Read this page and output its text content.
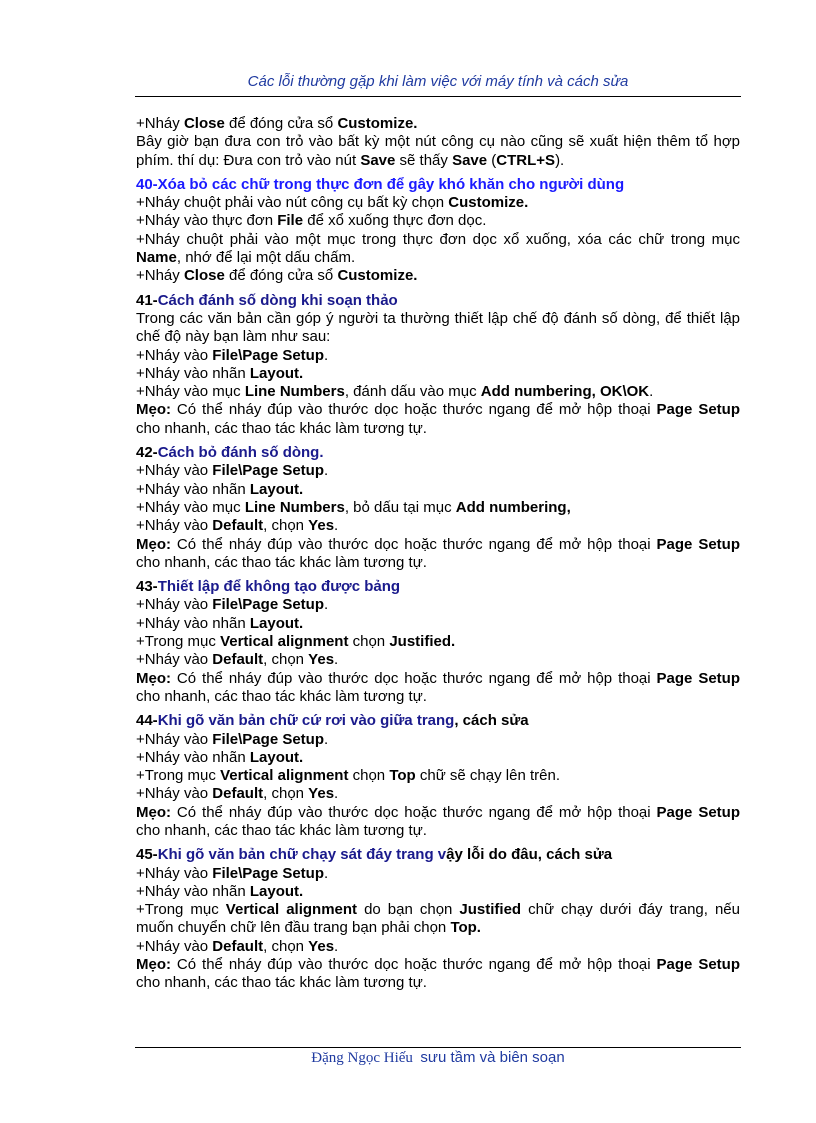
Các lỗi thường gặp khi làm việc với máy tính và cách sửa

+Nháy Close để đóng cửa sổ Customize.

Bây giờ bạn đưa con trỏ vào bất kỳ một nút công cụ nào cũng sẽ xuất hiện thêm tổ hợp phím. thí dụ: Đưa con trỏ vào nút Save sẽ thấy Save (CTRL+S).

40-Xóa bỏ các chữ trong thực đơn để gây khó khăn cho người dùng

+Nháy chuột phải vào nút công cụ bất kỳ chọn Customize.

+Nháy vào thực đơn File để xổ xuống thực đơn dọc.

+Nháy chuột phải vào một mục trong thực đơn dọc xổ xuống, xóa các chữ trong mục Name, nhớ để lại một dấu chấm.

+Nháy Close để đóng cửa sổ Customize.

41-Cách đánh số dòng khi soạn thảo

Trong các văn bản cần góp ý người ta thường thiết lập chế độ đánh số dòng, để thiết lập chế độ này bạn làm như sau:

+Nháy vào File\Page Setup.

+Nháy vào nhãn Layout.

+Nháy vào mục Line Numbers, đánh dấu vào mục Add numbering, OK\OK.

Mẹo: Có thể nháy đúp vào thước dọc hoặc thước ngang để mở hộp thoại Page Setup cho nhanh, các thao tác khác làm tương tự.

42-Cách bỏ đánh số dòng.

+Nháy vào File\Page Setup.

+Nháy vào nhãn Layout.

+Nháy vào mục Line Numbers, bỏ dấu tại mục Add numbering,

+Nháy vào Default, chọn Yes.

Mẹo: Có thể nháy đúp vào thước dọc hoặc thước ngang để mở hộp thoại Page Setup cho nhanh, các thao tác khác làm tương tự.

43-Thiết lập để không tạo được bảng

+Nháy vào File\Page Setup.

+Nháy vào nhãn Layout.

+Trong mục Vertical alignment chọn Justified.

+Nháy vào Default, chọn Yes.

Mẹo: Có thể nháy đúp vào thước dọc hoặc thước ngang để mở hộp thoại Page Setup cho nhanh, các thao tác khác làm tương tự.

44-Khi gõ văn bản chữ cứ rơi vào giữa trang, cách sửa

+Nháy vào File\Page Setup.

+Nháy vào nhãn Layout.

+Trong mục Vertical alignment chọn Top chữ sẽ chạy lên trên.

+Nháy vào Default, chọn Yes.

Mẹo: Có thể nháy đúp vào thước dọc hoặc thước ngang để mở hộp thoại Page Setup cho nhanh, các thao tác khác làm tương tự.

45-Khi gõ văn bản chữ chạy sát đáy trang vậy lỗi do đâu, cách sửa

+Nháy vào File\Page Setup.

+Nháy vào nhãn Layout.

+Trong mục Vertical alignment do bạn chọn Justified chữ chạy dưới đáy trang, nếu muốn chuyển chữ lên đầu trang bạn phải chọn Top.

+Nháy vào Default, chọn Yes.

Mẹo: Có thể nháy đúp vào thước dọc hoặc thước ngang để mở hộp thoại Page Setup cho nhanh, các thao tác khác làm tương tự.

Đặng Ngọc Hiếu sưu tầm và biên soạn
